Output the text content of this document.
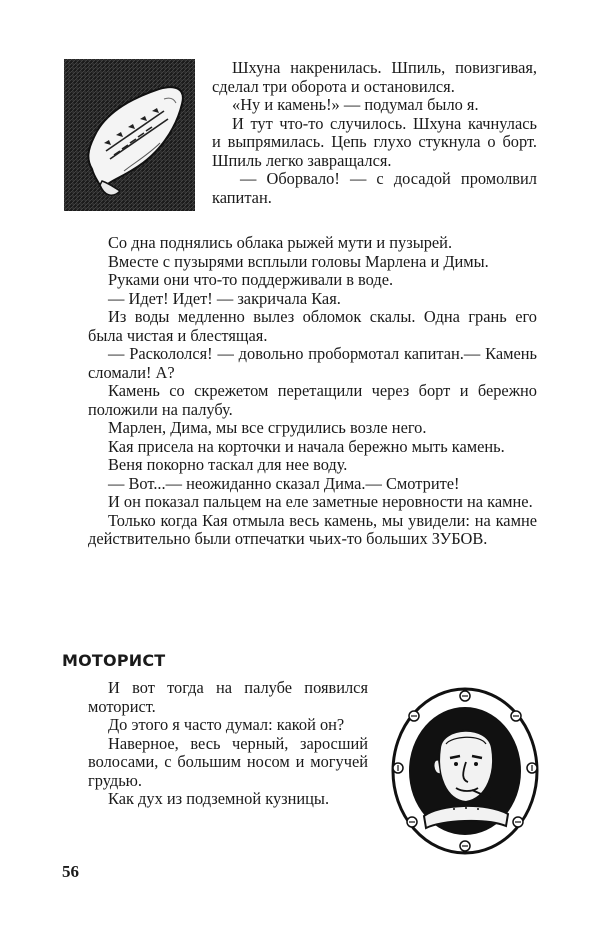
Шхуна накренилась. Шпиль, повизгивая, сделал три оборота и остановился.

«Ну и камень!» — подумал было я.

И тут что-то случилось. Шхуна качнулась и выпрямилась. Цепь глухо стукнула о борт. Шпиль легко завращался.

— Оборвало! — с досадой промолвил капитан.

Со дна поднялись облака рыжей мути и пузырей.

Вместе с пузырями всплыли головы Марлена и Димы.

Руками они что-то поддерживали в воде.

— Идет! Идет! — закричала Кая.

Из воды медленно вылез обломок скалы. Одна грань его была чистая и блестящая.

— Раскололся! — довольно пробормотал капитан.— Камень сломали! А?

Камень со скрежетом перетащили через борт и бережно положили на палубу.

Марлен, Дима, мы все сгрудились возле него.

Кая присела на корточки и начала бережно мыть камень.

Веня покорно таскал для нее воду.

— Вот...— неожиданно сказал Дима.— Смотрите!

И он показал пальцем на еле заметные неровности на камне.

Только когда Кая отмыла весь камень, мы увидели: на камне действительно были отпечатки чьих-то больших ЗУБОВ.

МОТОРИСТ

И вот тогда на палубе появился моторист.

До этого я часто думал: какой он?

Наверное, весь черный, заросший волосами, с большим носом и могучей грудью.

Как дух из подземной кузницы.

56
